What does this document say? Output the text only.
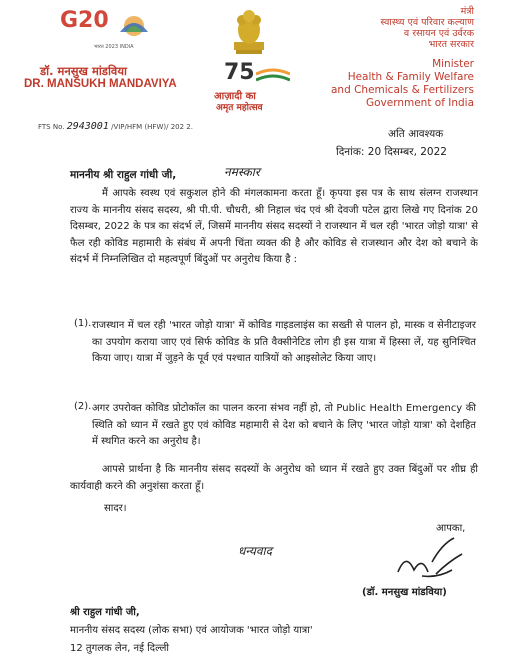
G20
भारत 2023 INDIA
डॉ. मनसुख मांडविया
DR. MANSUKH MANDAVIYA 75
आज़ादी का
अमृत महोत्सव
मंत्री
स्वास्थ्य एवं परिवार कल्याण
व रसायन एवं उर्वरक
भारत सरकार
Minister
Health & Family Welfare
and Chemicals & Fertilizers
Government of India
FTS No. 2943001 /VIP/HFM (HFW)/ 202 2.
अति आवश्यक
दिनांक: 20 दिसम्बर, 2022
माननीय श्री राहुल गांधी जी,	नमस्कार
मैं आपके स्वस्थ एवं सकुशल होने की मंगलकामना करता हूँ। कृपया इस पत्र के साथ संलग्न राजस्थान राज्य के माननीय संसद सदस्य, श्री पी.पी. चौधरी, श्री निहाल चंद एवं श्री देवजी पटेल द्वारा लिखे गए दिनांक 20 दिसम्बर, 2022 के पत्र का संदर्भ लें, जिसमें माननीय संसद सदस्यों ने राजस्थान में चल रही 'भारत जोड़ो यात्रा' से फैल रही कोविड महामारी के संबंध में अपनी चिंता व्यक्त की है और कोविड से राजस्थान और देश को बचाने के संदर्भ में निम्नलिखित दो महत्वपूर्ण बिंदुओं पर अनुरोध किया है :
(1). राजस्थान में चल रही 'भारत जोड़ो यात्रा' में कोविड गाइडलाइंस का सख्ती से पालन हो, मास्क व सेनीटाइजर का उपयोग कराया जाए एवं सिर्फ कोविड के प्रति वैक्सीनेटिड लोग ही इस यात्रा में हिस्सा लें, यह सुनिश्चित किया जाए। यात्रा में जुड़ने के पूर्व एवं पश्चात यात्रियों को आइसोलेट किया जाए।
(2). अगर उपरोक्त कोविड प्रोटोकॉल का पालन करना संभव नहीं हो, तो Public Health Emergency की स्थिति को ध्यान में रखते हुए एवं कोविड महामारी से देश को बचाने के लिए 'भारत जोड़ो यात्रा' को देशहित में स्थगित करने का अनुरोध है।
आपसे प्रार्थना है कि माननीय संसद सदस्यों के अनुरोध को ध्यान में रखते हुए उक्त बिंदुओं पर शीघ्र ही कार्यवाही करने की अनुशंसा करता हूँ।
सादर।
आपका,
धन्यवाद
(डॉ. मनसुख मांडविया)
श्री राहुल गांधी जी,
माननीय संसद सदस्य (लोक सभा) एवं आयोजक 'भारत जोड़ो यात्रा'
12 तुगलक लेन, नई दिल्ली
